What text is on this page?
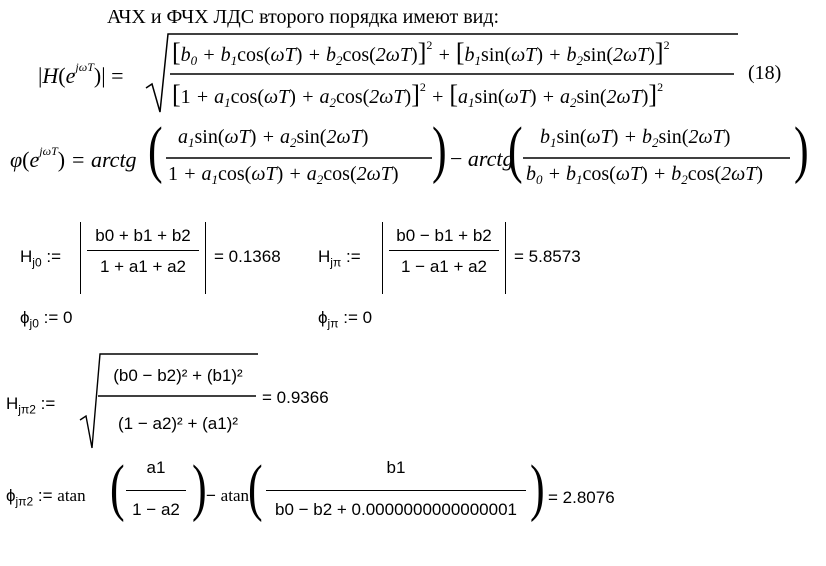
АЧХ и ФЧХ ЛДС второго порядка имеют вид:
$|H(e^{j\omega T})|$ =
$[b_0 + b_1\cos(\omega T) + b_2\cos(2\omega T)]^2 + [b_1\sin(\omega T) + b_2\sin(2\omega T)]^2$
$[1 + a_1\cos(\omega T) + a_2\cos(2\omega T)]^2 + [a_1\sin(\omega T) + a_2\sin(2\omega T)]^2$
(18)
$\varphi(e^{j\omega T})$ = arctg ( $a_1\sin(\omega T) + a_2\sin(2\omega T)$
$1 + a_1\cos(\omega T) + a_2\cos(2\omega T)$ ) − arctg
( $b_1\sin(\omega T) + b_2\sin(2\omega T)$
$b_0 + b_1\cos(\omega T) + b_2\cos(2\omega T)$ )
$H_{j0}$ := $\frac{b0 + b1 + b2}{1 + a1 + a2} = 0.1368$ $H_{j\pi}$ := $\frac{b0 - b1 + b2}{1 - a1 + a2} = 5.8573$
$\phi_{j0}$ := 0	$\phi_{j\pi}$ := 0
$H_{j\pi 2}$ :=
(b0 − b2)² + (b1)²
(1 − a2)² + (a1)²
= 0.9366
$\phi_{j\pi 2}$ := atan (	a1
1 − a2 ) − atan (	b1
b0 − b2 + 0.0000000000000001 ) = 2.8076
